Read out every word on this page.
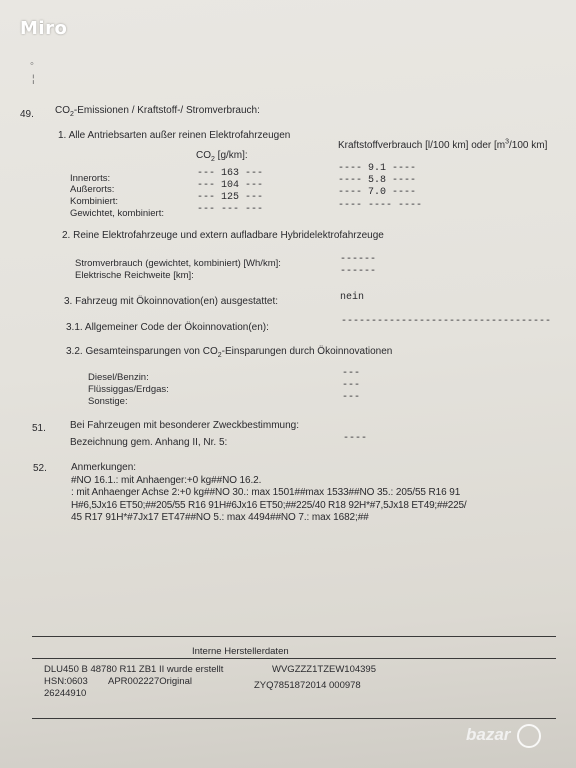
◦
¦
Miro
bazar
49. $CO_2$-Emissionen / Kraftstoff-/ Stromverbrauch:
1. Alle Antriebsarten außer reinen Elektrofahrzeugen
$CO_2$ [g/km]:
Kraftstoffverbrauch [l/100 km] oder [$m^3/100$ km]
Innerorts:	--- 163 ---	---- 9.1 ----
Außerorts:	--- 104 ---	---- 5.8 ----
Kombiniert:	--- 125 ---	---- 7.0 ----
Gewichtet, kombiniert:	--- --- ---	---- ---- ----
2. Reine Elektrofahrzeuge und extern aufladbare Hybridelektrofahrzeuge
Stromverbrauch (gewichtet, kombiniert) [Wh/km]:	------
Elektrische Reichweite [km]:	------
3. Fahrzeug mit Ökoinnovation(en) ausgestattet:	nein
3.1. Allgemeiner Code der Ökoinnovation(en):
-----------------------------------
3.2. Gesamteinsparungen von $CO_2$-Einsparungen durch Ökoinnovationen
Diesel/Benzin:	---
Flüssiggas/Erdgas:	---
Sonstige:	---
51. Bei Fahrzeugen mit besonderer Zweckbestimmung:
Bezeichnung gem. Anhang II, Nr. 5:	----
52. Anmerkungen:
#NO 16.1.: mit Anhaenger:+0 kg##NO 16.2.
: mit Anhaenger Achse 2:+0 kg##NO 30.: max 1501##max 1533##NO 35.: 205/55 R16 91
H#6,5Jx16 ET50;##205/55 R16 91H#6Jx16 ET50;##225/40 R18 92H*#7,5Jx18 ET49;##225/
45 R17 91H*#7Jx17 ET47##NO 5.: max 4494##NO 7.: max 1682;##
Interne Herstellerdaten
DLU450 B 48780 R11 ZB1 II wurde erstellt
HSN:0603
26244910
APR002227Original
WVGZZZ1TZEW104395
ZYQ7851872014 000978
